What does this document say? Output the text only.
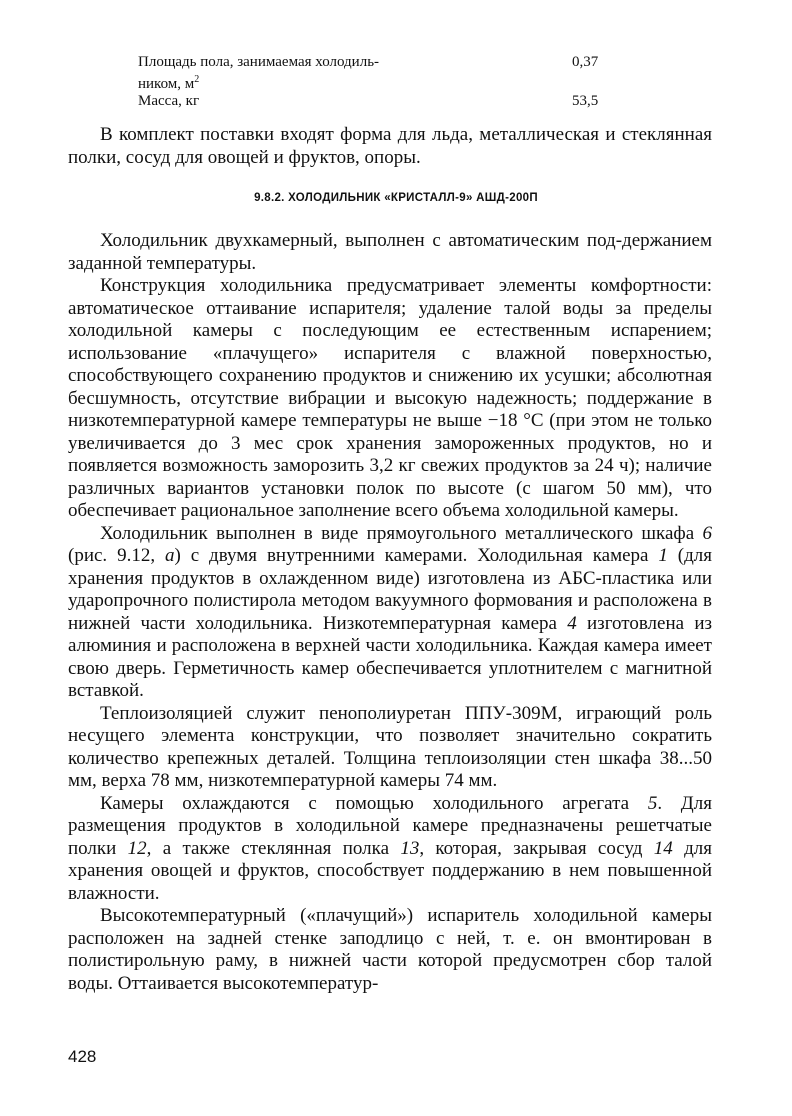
Площадь пола, занимаемая холодиль-
ником, $м^2$
0,37
Масса, кг	53,5

В комплект поставки входят форма для льда, металлическая и стеклянная полки, сосуд для овощей и фруктов, опоры.

9.8.2. ХОЛОДИЛЬНИК «КРИСТАЛЛ-9» АШД-200П

Холодильник двухкамерный, выполнен с автоматическим под-держанием заданной температуры.

Конструкция холодильника предусматривает элементы комфортности: автоматическое оттаивание испарителя; удаление талой воды за пределы холодильной камеры с последующим ее естественным испарением; использование «плачущего» испарителя с влажной поверхностью, способствующего сохранению продуктов и снижению их усушки; абсолютная бесшумность, отсутствие вибрации и высокую надежность; поддержание в низкотемпературной камере температуры не выше −18 °С (при этом не только увеличивается до 3 мес срок хранения замороженных продуктов, но и появляется возможность заморозить 3,2 кг свежих продуктов за 24 ч); наличие различных вариантов установки полок по высоте (с шагом 50 мм), что обеспечивает рациональное заполнение всего объема холодильной камеры.

Холодильник выполнен в виде прямоугольного металлического шкафа 6 (рис. 9.12, а) с двумя внутренними камерами. Холодильная камера 1 (для хранения продуктов в охлажденном виде) изготовлена из АБС-пластика или ударопрочного полистирола методом вакуумного формования и расположена в нижней части холодильника. Низкотемпературная камера 4 изготовлена из алюминия и расположена в верхней части холодильника. Каждая камера имеет свою дверь. Герметичность камер обеспечивается уплотнителем с магнитной вставкой.

Теплоизоляцией служит пенополиуретан ППУ-309М, играющий роль несущего элемента конструкции, что позволяет значительно сократить количество крепежных деталей. Толщина теплоизоляции стен шкафа 38...50 мм, верха 78 мм, низкотемпературной камеры 74 мм.

Камеры охлаждаются с помощью холодильного агрегата 5. Для размещения продуктов в холодильной камере предназначены решетчатые полки 12, а также стеклянная полка 13, которая, закрывая сосуд 14 для хранения овощей и фруктов, способствует поддержанию в нем повышенной влажности.

Высокотемпературный («плачущий») испаритель холодильной камеры расположен на задней стенке заподлицо с ней, т. е. он вмонтирован в полистирольную раму, в нижней части которой предусмотрен сбор талой воды. Оттаивается высокотемператур-

428
